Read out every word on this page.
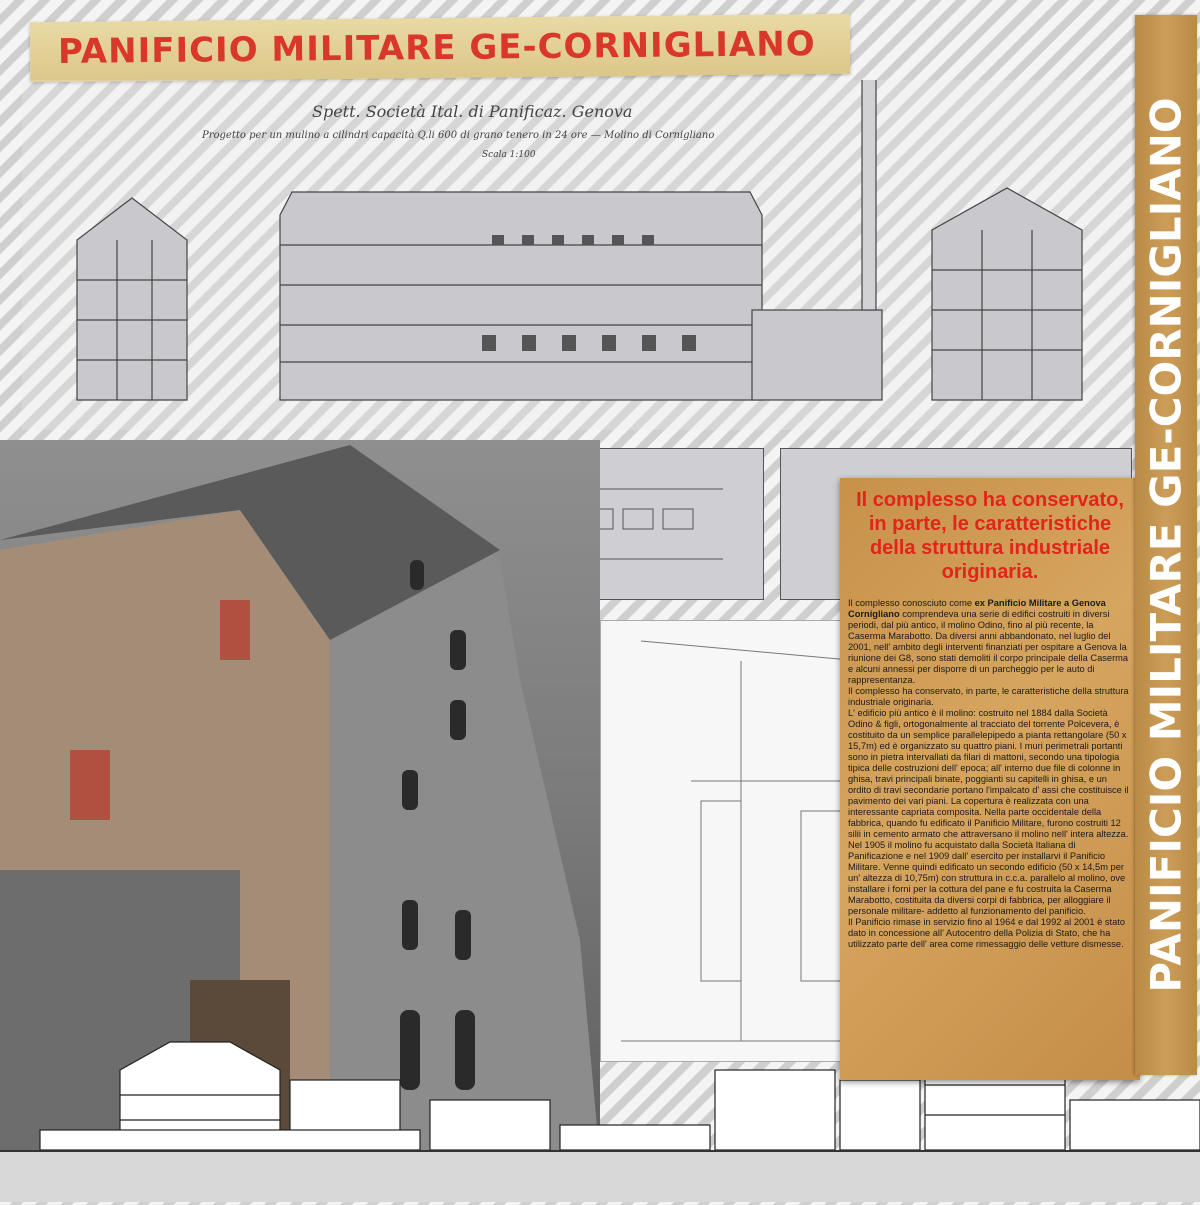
PANIFICIO MILITARE GE-CORNIGLIANO
Spett. Società Ital. di Panificaz. Genova
Progetto per un mulino a cilindri capacità Q.li 600 di grano tenero in 24 ore — Molino di Cornigliano
Scala 1:100
Il complesso ha conservato, in parte, le caratteristiche della struttura industriale originaria.

Il complesso conosciuto come ex Panificio Militare a Genova Cornigliano comprendeva una serie di edifici costruiti in diversi periodi, dal più antico, il molino Odino, fino al più recente, la Caserma Marabotto. Da diversi anni abbandonato, nel luglio del 2001, nell' ambito degli interventi finanziati per ospitare a Genova la riunione dei G8, sono stati demoliti il corpo principale della Caserma e alcuni annessi per disporre di un parcheggio per le auto di rappresentanza.

Il complesso ha conservato, in parte, le caratteristiche della struttura industriale originaria.

L' edificio più antico è il molino: costruito nel 1884 dalla Società Odino & figli, ortogonalmente al tracciato del torrente Polcevera, è costituito da un semplice parallelepipedo a pianta rettangolare (50 x 15,7m) ed è organizzato su quattro piani. I muri perimetrali portanti sono in pietra intervallati da filari di mattoni, secondo una tipologia tipica delle costruzioni dell' epoca; all' interno due file di colonne in ghisa, travi principali binate, poggianti su capitelli in ghisa, e un ordito di travi secondarie portano l'impalcato d' assi che costituisce il pavimento dei vari piani. La copertura è realizzata con una interessante capriata composita. Nella parte occidentale della fabbrica, quando fu edificato il Panificio Militare, furono costruiti 12 silii in cemento armato che attraversano il molino nell' intera altezza.

Nel 1905 il molino fu acquistato dalla Società Italiana di Panificazione e nel 1909 dall' esercito per installarvi il Panificio Militare. Venne quindi edificato un secondo edificio (50 x 14,5m per un' altezza di 10,75m) con struttura in c.c.a. parallelo al molino, ove installare i forni per la cottura del pane e fu costruita la Caserma Marabotto, costituita da diversi corpi di fabbrica, per alloggiare il personale militare- addetto al funzionamento del panificio.

Il Panificio rimase in servizio fino al 1964 e dal 1992 al 2001 è stato dato in concessione all' Autocentro della Polizia di Stato, che ha utilizzato parte dell' area come rimessaggio delle vetture dismesse. PANIFICIO MILITARE GE-CORNIGLIANO
